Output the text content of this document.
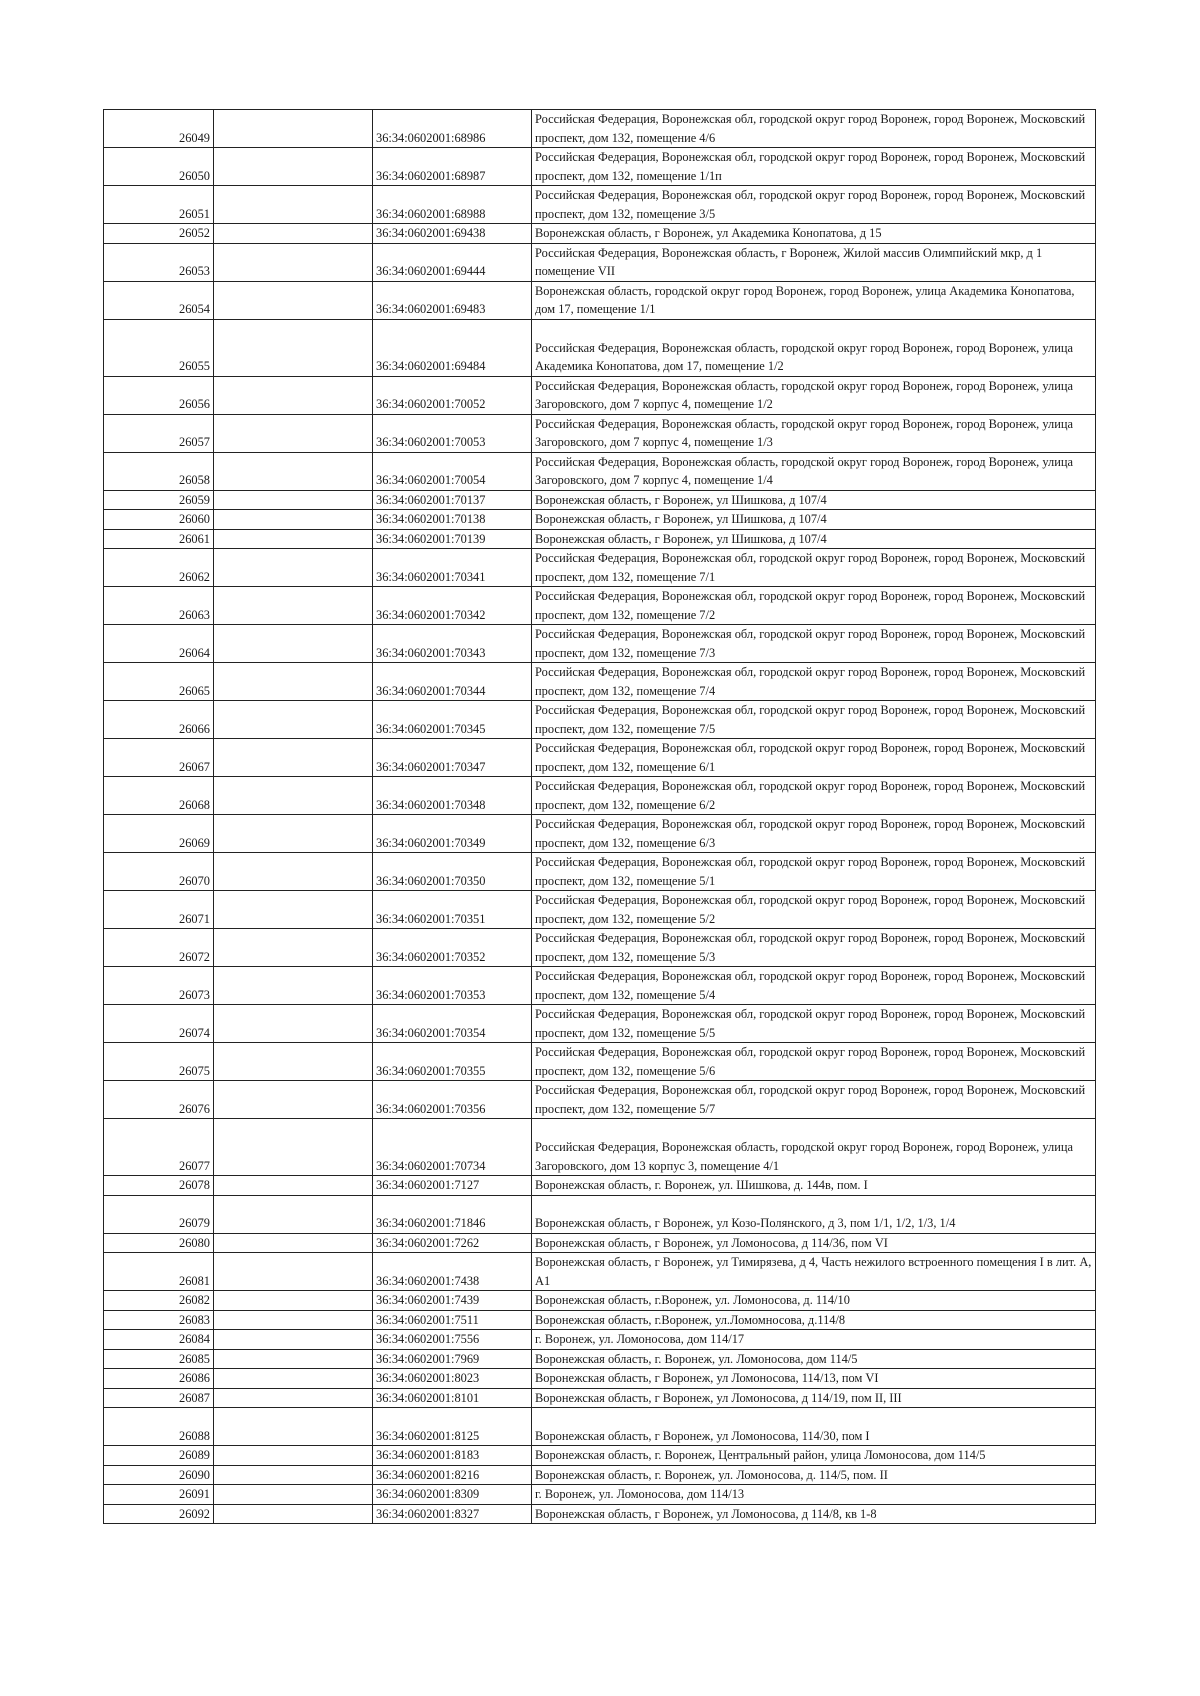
26049		36:34:0602001:68986	Российская Федерация, Воронежская обл, городской округ город Воронеж, город Воронеж, Московский проспект, дом 132, помещение 4/6
26050		36:34:0602001:68987	Российская Федерация, Воронежская обл, городской округ город Воронеж, город Воронеж, Московский проспект, дом 132, помещение 1/1п
26051		36:34:0602001:68988	Российская Федерация, Воронежская обл, городской округ город Воронеж, город Воронеж, Московский проспект, дом 132, помещение 3/5
26052		36:34:0602001:69438	Воронежская область, г Воронеж, ул Академика Конопатова, д 15
26053		36:34:0602001:69444	Российская Федерация, Воронежская область, г Воронеж, Жилой массив Олимпийский мкр, д 1 помещение VII
26054		36:34:0602001:69483	Воронежская область, городской округ город Воронеж, город Воронеж, улица Академика Конопатова, дом 17, помещение 1/1
26055		36:34:0602001:69484	Российская Федерация, Воронежская область, городской округ город Воронеж, город Воронеж, улица Академика Конопатова, дом 17, помещение 1/2
26056		36:34:0602001:70052	Российская Федерация, Воронежская область, городской округ город Воронеж, город Воронеж, улица Загоровского, дом 7 корпус 4, помещение 1/2
26057		36:34:0602001:70053	Российская Федерация, Воронежская область, городской округ город Воронеж, город Воронеж, улица Загоровского, дом 7 корпус 4, помещение 1/3
26058		36:34:0602001:70054	Российская Федерация, Воронежская область, городской округ город Воронеж, город Воронеж, улица Загоровского, дом 7 корпус 4, помещение 1/4
26059		36:34:0602001:70137	Воронежская область, г Воронеж, ул Шишкова, д 107/4
26060		36:34:0602001:70138	Воронежская область, г Воронеж, ул Шишкова, д 107/4
26061		36:34:0602001:70139	Воронежская область, г Воронеж, ул Шишкова, д 107/4
26062		36:34:0602001:70341	Российская Федерация, Воронежская обл, городской округ город Воронеж, город Воронеж, Московский проспект, дом 132, помещение 7/1
26063		36:34:0602001:70342	Российская Федерация, Воронежская обл, городской округ город Воронеж, город Воронеж, Московский проспект, дом 132, помещение 7/2
26064		36:34:0602001:70343	Российская Федерация, Воронежская обл, городской округ город Воронеж, город Воронеж, Московский проспект, дом 132, помещение 7/3
26065		36:34:0602001:70344	Российская Федерация, Воронежская обл, городской округ город Воронеж, город Воронеж, Московский проспект, дом 132, помещение 7/4
26066		36:34:0602001:70345	Российская Федерация, Воронежская обл, городской округ город Воронеж, город Воронеж, Московский проспект, дом 132, помещение 7/5
26067		36:34:0602001:70347	Российская Федерация, Воронежская обл, городской округ город Воронеж, город Воронеж, Московский проспект, дом 132, помещение 6/1
26068		36:34:0602001:70348	Российская Федерация, Воронежская обл, городской округ город Воронеж, город Воронеж, Московский проспект, дом 132, помещение 6/2
26069		36:34:0602001:70349	Российская Федерация, Воронежская обл, городской округ город Воронеж, город Воронеж, Московский проспект, дом 132, помещение 6/3
26070		36:34:0602001:70350	Российская Федерация, Воронежская обл, городской округ город Воронеж, город Воронеж, Московский проспект, дом 132, помещение 5/1
26071		36:34:0602001:70351	Российская Федерация, Воронежская обл, городской округ город Воронеж, город Воронеж, Московский проспект, дом 132, помещение 5/2
26072		36:34:0602001:70352	Российская Федерация, Воронежская обл, городской округ город Воронеж, город Воронеж, Московский проспект, дом 132, помещение 5/3
26073		36:34:0602001:70353	Российская Федерация, Воронежская обл, городской округ город Воронеж, город Воронеж, Московский проспект, дом 132, помещение 5/4
26074		36:34:0602001:70354	Российская Федерация, Воронежская обл, городской округ город Воронеж, город Воронеж, Московский проспект, дом 132, помещение 5/5
26075		36:34:0602001:70355	Российская Федерация, Воронежская обл, городской округ город Воронеж, город Воронеж, Московский проспект, дом 132, помещение 5/6
26076		36:34:0602001:70356	Российская Федерация, Воронежская обл, городской округ город Воронеж, город Воронеж, Московский проспект, дом 132, помещение 5/7
26077		36:34:0602001:70734	Российская Федерация, Воронежская область, городской округ город Воронеж, город Воронеж, улица Загоровского, дом 13 корпус 3, помещение 4/1
26078		36:34:0602001:7127	Воронежская область, г. Воронеж, ул. Шишкова, д. 144в, пом. I
26079		36:34:0602001:71846	Воронежская область, г Воронеж, ул Козо-Полянского, д 3, пом 1/1, 1/2, 1/3, 1/4
26080		36:34:0602001:7262	Воронежская область, г Воронеж, ул Ломоносова, д 114/36, пом VI
26081		36:34:0602001:7438	Воронежская область, г Воронеж, ул Тимирязева, д 4, Часть нежилого встроенного помещения I в лит. А, А1
26082		36:34:0602001:7439	Воронежская область, г.Воронеж, ул. Ломоносова, д. 114/10
26083		36:34:0602001:7511	Воронежская область, г.Воронеж, ул.Ломомносова, д.114/8
26084		36:34:0602001:7556	г. Воронеж, ул. Ломоносова, дом 114/17
26085		36:34:0602001:7969	Воронежская область, г. Воронеж, ул. Ломоносова, дом 114/5
26086		36:34:0602001:8023	Воронежская область, г Воронеж, ул Ломоносова, 114/13, пом VI
26087		36:34:0602001:8101	Воронежская область, г Воронеж, ул Ломоносова, д 114/19, пом II, III
26088		36:34:0602001:8125	Воронежская область, г Воронеж, ул Ломоносова, 114/30, пом I
26089		36:34:0602001:8183	Воронежская область, г. Воронеж, Центральный район, улица Ломоносова, дом 114/5
26090		36:34:0602001:8216	Воронежская область, г. Воронеж, ул. Ломоносова, д. 114/5, пом. II
26091		36:34:0602001:8309	г. Воронеж, ул. Ломоносова, дом 114/13
26092		36:34:0602001:8327	Воронежская область, г Воронеж, ул Ломоносова, д 114/8, кв 1-8
